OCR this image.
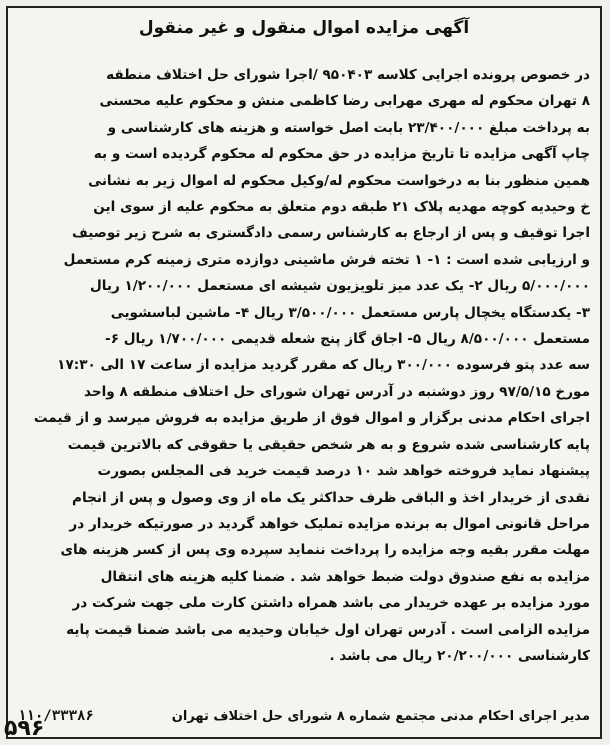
آگهی مزایده اموال منقول و غیر منقول
در خصوص پرونده اجرایی کلاسه ۹۵۰۴۰۳ /اجرا شورای حل اختلاف منطقه
۸ تهران محکوم له مهری مهرابی رضا کاظمی منش و محکوم علیه محسنی
به پرداخت مبلغ ۲۳/۴۰۰/۰۰۰ بابت اصل خواسته و هزینه های کارشناسی و
چاپ آگهی مزایده تا تاریخ مزایده در حق محکوم له محکوم گردیده است و به
همین منظور بنا به درخواست محکوم له/وکیل محکوم له اموال زیر به نشانی
خ وحیدیه کوچه مهدیه پلاک ۲۱ طبقه دوم متعلق به محکوم علیه از سوی این
اجرا توقیف و پس از ارجاع به کارشناس رسمی دادگستری به شرح زیر توصیف
و ارزیابی شده است : ۱- ۱ تخته فرش ماشینی دوازده متری زمینه کرم مستعمل
۵/۰۰۰/۰۰۰ ریال ۲- یک عدد میز تلویزیون شیشه ای مستعمل ۱/۲۰۰/۰۰۰ ریال
۳- یکدستگاه یخچال پارس مستعمل ۳/۵۰۰/۰۰۰ ریال ۴- ماشین لباسشویی
مستعمل ۸/۵۰۰/۰۰۰ ریال ۵- اجاق گاز پنج شعله قدیمی ۱/۷۰۰/۰۰۰ ریال ۶-
سه عدد پتو فرسوده ۳۰۰/۰۰۰ ریال که مقرر گردید مزایده از ساعت ۱۷ الی ۱۷:۳۰
مورخ ۹۷/۵/۱۵ روز دوشنبه در آدرس تهران شورای حل اختلاف منطقه ۸ واحد
اجرای احکام مدنی برگزار و اموال فوق از طریق مزایده به فروش میرسد و از قیمت
پایه کارشناسی شده شروع و به هر شخص حقیقی یا حقوقی که بالاترین قیمت
پیشنهاد نماید فروخته خواهد شد ۱۰ درصد قیمت خرید فی المجلس بصورت
نقدی از خریدار اخذ و الباقی ظرف حداکثر یک ماه از وی وصول و پس از انجام
مراحل قانونی اموال به برنده مزایده تملیک خواهد گردید در صورتیکه خریدار در
مهلت مقرر بقیه وجه مزایده را پرداخت ننماید سپرده وی پس از کسر هزینه های
مزایده به نفع صندوق دولت ضبط خواهد شد . ضمنا کلیه هزینه های انتقال
مورد مزایده بر عهده خریدار می باشد همراه داشتن کارت ملی جهت شرکت در
مزایده الزامی است . آدرس تهران اول خیابان وحیدیه می باشد ضمنا قیمت پایه
کارشناسی ۲۰/۲۰۰/۰۰۰ ریال می باشد .
مدیر اجرای احکام مدنی مجتمع شماره ۸ شورای حل اختلاف تهران
۱۱۰/۳۳۳۸۶
۵۹۶
